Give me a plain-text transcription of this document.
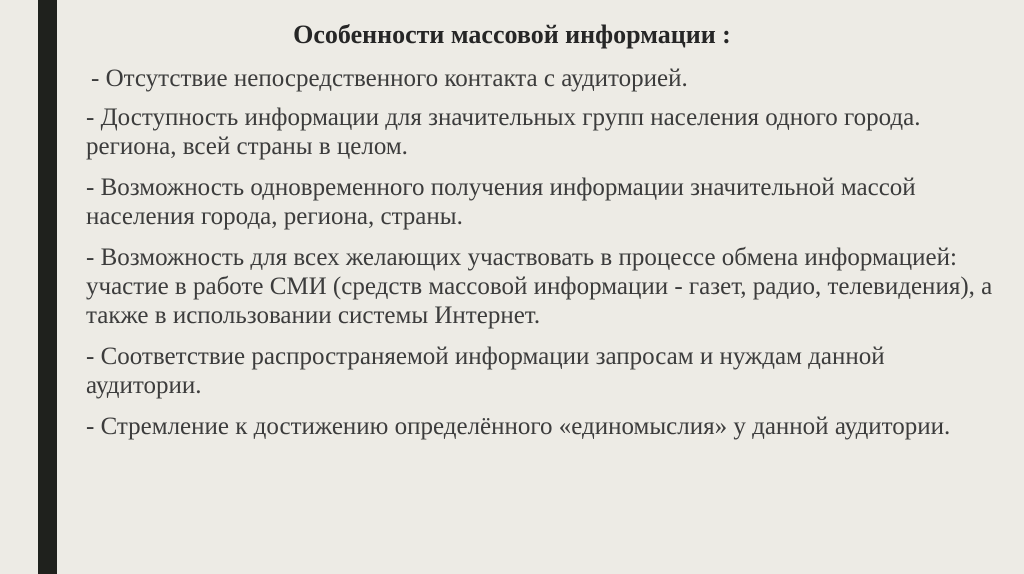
Особенности массовой информации :

- Отсутствие непосредственного контакта с аудиторией.

- Доступность информации для значительных групп населения одного города. региона, всей страны в целом.

- Возможность одновременного получения информации значительной массой населения города, региона, страны.

- Возможность для всех желающих участвовать в процессе обмена информацией: участие в работе СМИ (средств массовой информации - газет, радио, телевидения), а также в использовании системы Интернет.

- Соответствие распространяемой информации запросам и нуждам данной аудитории.

- Стремление к достижению определённого «единомыслия» у данной аудитории.
